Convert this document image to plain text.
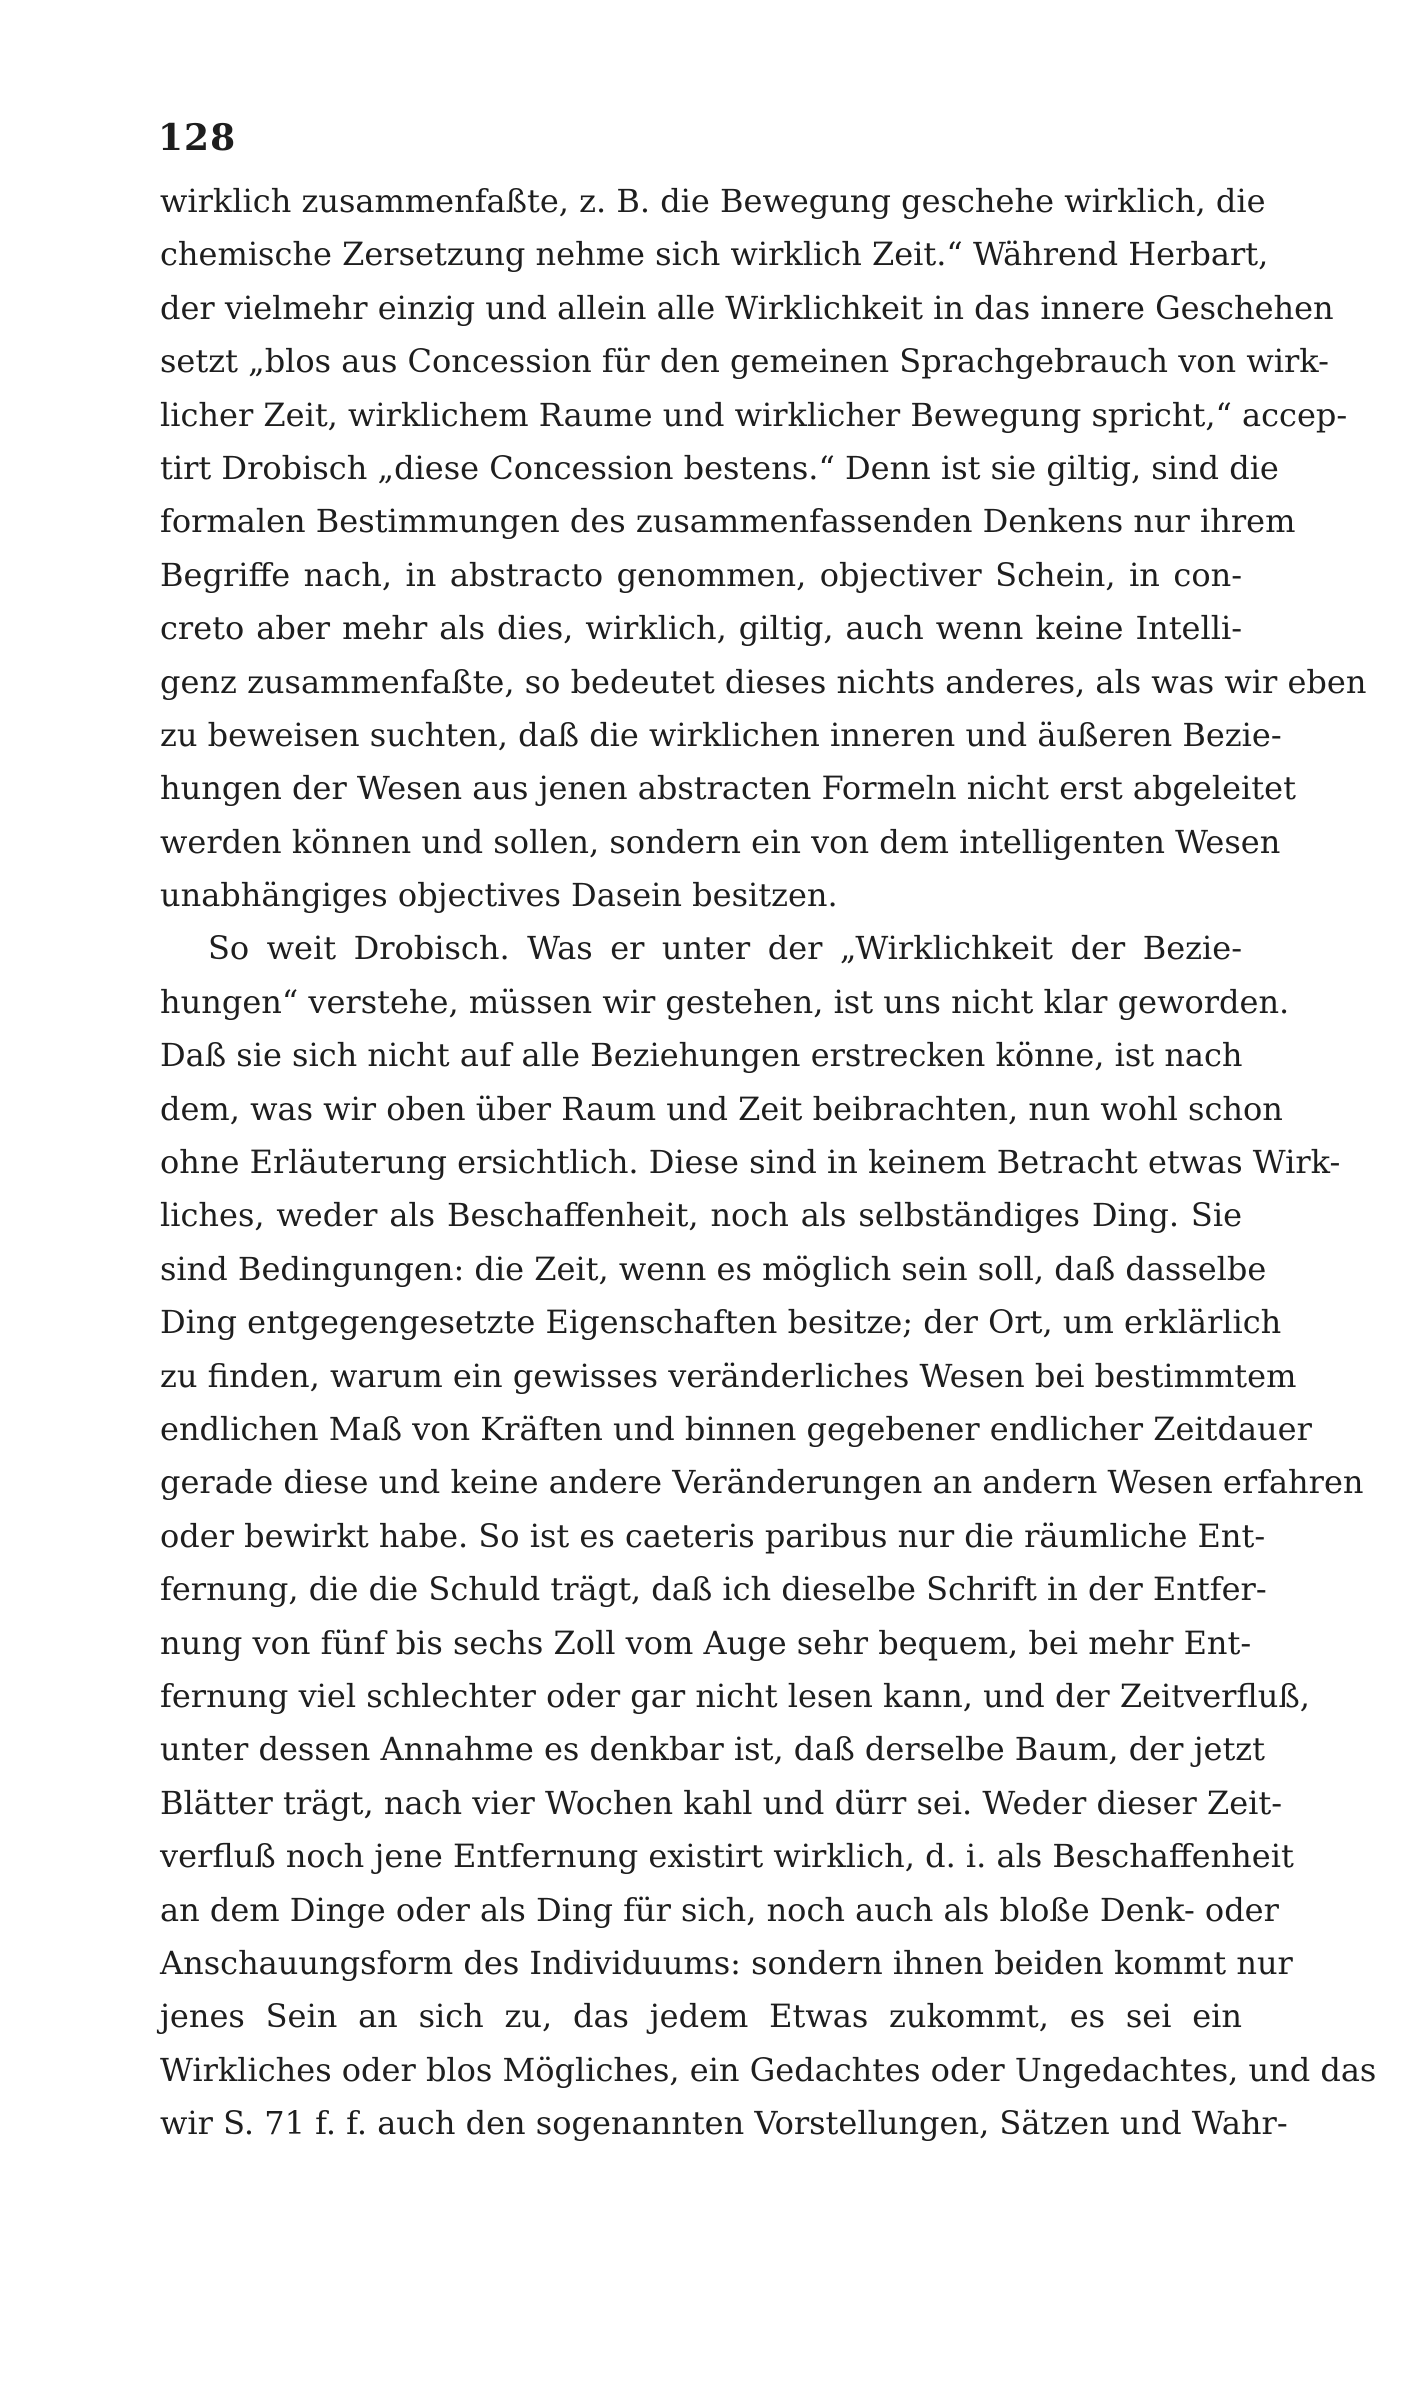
128
wirklich zusammenfaßte, z. B. die Bewegung geschehe wirklich, die
chemische Zersetzung nehme sich wirklich Zeit.“ Während Herbart,
der vielmehr einzig und allein alle Wirklichkeit in das innere Geschehen
setzt „blos aus Concession für den gemeinen Sprachgebrauch von wirk-
licher Zeit, wirklichem Raume und wirklicher Bewegung spricht,“ accep-
tirt Drobisch „diese Concession bestens.“ Denn ist sie giltig, sind die
formalen Bestimmungen des zusammenfassenden Denkens nur ihrem
Begriffe nach, in abstracto genommen, objectiver Schein, in con-
creto aber mehr als dies, wirklich, giltig, auch wenn keine Intelli-
genz zusammenfaßte, so bedeutet dieses nichts anderes, als was wir eben
zu beweisen suchten, daß die wirklichen inneren und äußeren Bezie-
hungen der Wesen aus jenen abstracten Formeln nicht erst abgeleitet
werden können und sollen, sondern ein von dem intelligenten Wesen
unabhängiges objectives Dasein besitzen.
So weit Drobisch. Was er unter der „Wirklichkeit der Bezie-
hungen“ verstehe, müssen wir gestehen, ist uns nicht klar geworden.
Daß sie sich nicht auf alle Beziehungen erstrecken könne, ist nach
dem, was wir oben über Raum und Zeit beibrachten, nun wohl schon
ohne Erläuterung ersichtlich. Diese sind in keinem Betracht etwas Wirk-
liches, weder als Beschaffenheit, noch als selbständiges Ding. Sie
sind Bedingungen: die Zeit, wenn es möglich sein soll, daß dasselbe
Ding entgegengesetzte Eigenschaften besitze; der Ort, um erklärlich
zu finden, warum ein gewisses veränderliches Wesen bei bestimmtem
endlichen Maß von Kräften und binnen gegebener endlicher Zeitdauer
gerade diese und keine andere Veränderungen an andern Wesen erfahren
oder bewirkt habe. So ist es caeteris paribus nur die räumliche Ent-
fernung, die die Schuld trägt, daß ich dieselbe Schrift in der Entfer-
nung von fünf bis sechs Zoll vom Auge sehr bequem, bei mehr Ent-
fernung viel schlechter oder gar nicht lesen kann, und der Zeitverfluß,
unter dessen Annahme es denkbar ist, daß derselbe Baum, der jetzt
Blätter trägt, nach vier Wochen kahl und dürr sei. Weder dieser Zeit-
verfluß noch jene Entfernung existirt wirklich, d. i. als Beschaffenheit
an dem Dinge oder als Ding für sich, noch auch als bloße Denk- oder
Anschauungsform des Individuums: sondern ihnen beiden kommt nur
jenes Sein an sich zu, das jedem Etwas zukommt, es sei ein
Wirkliches oder blos Mögliches, ein Gedachtes oder Ungedachtes, und das
wir S. 71 f. f. auch den sogenannten Vorstellungen, Sätzen und Wahr-
